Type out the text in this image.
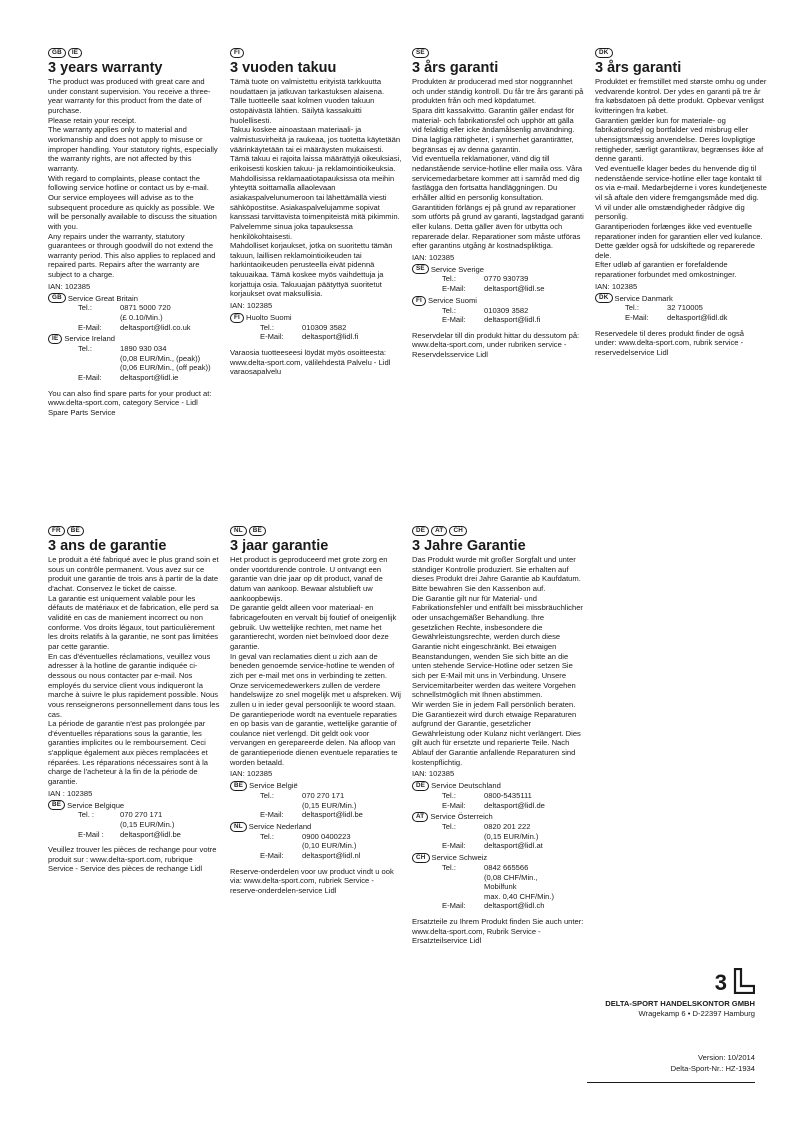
GB	IE
3 years warranty

The product was produced with great care and under constant supervision. You receive a three-year warranty for this product from the date of purchase.

Please retain your receipt.

The warranty applies only to material and workmanship and does not apply to misuse or improper handling. Your statutory rights, especially the warranty rights, are not affected by this warranty.

With regard to complaints, please contact the following service hotline or contact us by e-mail.

Our service employees will advise as to the subsequent procedure as quickly as possible. We will be personally available to discuss the situation with you.

Any repairs under the warranty, statutory guarantees or through goodwill do not extend the warranty period. This also applies to replaced and repaired parts. Repairs after the warranty are subject to a charge.

IAN: 102385
GB Service Great Britain
Tel.:	0871 5000 720
(£ 0.10/Min.)
E-Mail:	deltasport@lidl.co.uk
IE Service Ireland
Tel.:	1890 930 034
(0,08 EUR/Min., (peak))
(0,06 EUR/Min., (off peak))
E-Mail:	deltasport@lidl.ie
You can also find spare parts for your product at: www.delta-sport.com, category Service - Lidl Spare Parts Service
FI
3 vuoden takuu

Tämä tuote on valmistettu erityistä tarkkuutta noudattaen ja jatkuvan tarkastuksen alaisena. Tälle tuotteelle saat kolmen vuoden takuun ostopäivästä lähtien. Säilytä kassakuitti huolellisesti.

Takuu koskee ainoastaan materiaali- ja valmistusvirheitä ja raukeaa, jos tuotetta käytetään väärinkäytetään tai ei määräysten mukaisesti. Tämä takuu ei rajoita laissa määrättyjä oikeuksiasi, erikoisesti koskien takuu- ja reklamointioikeuksia.

Mahdollisissa reklamaatiotapauksissa ota meihin yhteyttä soittamalla allaolevaan asiakaspalvelunumeroon tai lähettämällä viesti sähköpostitse. Asiakaspalvelujamme sopivat kanssasi tarvittavista toimenpiteistä mitä pikimmin. Palvelemme sinua joka tapauksessa henkilökohtaisesti.

Mahdolliset korjaukset, jotka on suoritettu tämän takuun, laillisen reklamointioikeuden tai harkintaoikeuden perusteella eivät pidennä takuuaikaa. Tämä koskee myös vaihdettuja ja korjattuja osia. Takuuajan päätyttyä suoritetut korjaukset ovat maksullisia.

IAN: 102385
FI Huolto Suomi
Tel.:	010309 3582
E-Mail:	deltasport@lidl.fi
Varaosia tuotteeseesi löydät myös osoitteesta: www.delta-sport.com, välilehdestä Palvelu - Lidl varaosapalvelu
SE
3 års garanti

Produkten är producerad med stor noggrannhet och under ständig kontroll. Du får tre års garanti på produkten från och med köpdatumet.

Spara ditt kassakvitto. Garantin gäller endast för material- och fabrikationsfel och upphör att gälla vid felaktig eller icke ändamålsenlig användning. Dina lagliga rättigheter, i synnerhet garantirätter, begränsas ej av denna garantin.

Vid eventuella reklamationer, vänd dig till nedanstående service-hotline eller maila oss. Våra servicemedarbetare kommer att i samråd med dig fastlägga den fortsatta handläggningen. Du erhåller alltid en personlig konsultation.

Garantitiden förlängs ej på grund av reparationer som utförts på grund av garanti, lagstadgad garanti eller kulans. Detta gäller även för utbytta och reparerade delar. Reparationer som måste utföras efter garantins utgång är kostnadspliktiga.

IAN: 102385
SE Service Sverige
Tel.:	0770 930739
E-Mail:	deltasport@lidl.se
FI Service Suomi
Tel.:	010309 3582
E-Mail:	deltasport@lidl.fi
Reservdelar till din produkt hittar du dessutom på: www.delta-sport.com, under rubriken service - Reservdelsservice Lidl
DK
3 års garanti

Produktet er fremstillet med største omhu og under vedvarende kontrol. Der ydes en garanti på tre år fra købsdatoen på dette produkt. Opbevar venligst kvitteringen fra købet.

Garantien gælder kun for materiale- og fabrikationsfejl og bortfalder ved misbrug eller uhensigtsmæssig anvendelse. Deres lovpligtige rettigheder, særligt garantikrav, begrænses ikke af denne garanti.

Ved eventuelle klager bedes du henvende dig til nedenstående service-hotline eller tage kontakt til os via e-mail. Medarbejderne i vores kundetjeneste vil så aftale den videre fremgangsmåde med dig. Vi vil under alle omstændigheder rådgive dig personlig.

Garantiperioden forlænges ikke ved eventuelle reparationer inden for garantien eller ved kulance. Dette gælder også for udskiftede og reparerede dele.

Efter udløb af garantien er forefaldende reparationer forbundet med omkostninger.

IAN: 102385
DK Service Danmark
Tel.:	32 710005
E-Mail:	deltasport@lidl.dk
Reservedele til deres produkt finder de også under: www.delta-sport.com, rubrik service - reservedelservice Lidl
FR	BE
3 ans de garantie

Le produit a été fabriqué avec le plus grand soin et sous un contrôle permanent. Vous avez sur ce produit une garantie de trois ans à partir de la date d'achat. Conservez le ticket de caisse.

La garantie est uniquement valable pour les défauts de matériaux et de fabrication, elle perd sa validité en cas de maniement incorrect ou non conforme. Vos droits légaux, tout particulièrement les droits relatifs à la garantie, ne sont pas limitées par cette garantie.

En cas d'éventuelles réclamations, veuillez vous adresser à la hotline de garantie indiquée ci-dessous ou nous contacter par e-mail. Nos employés du service client vous indiqueront la marche à suivre le plus rapidement possible. Nous vous renseignerons personnellement dans tous les cas.

La période de garantie n'est pas prolongée par d'éventuelles réparations sous la garantie, les garanties implicites ou le remboursement. Ceci s'applique également aux pièces remplacées et réparées. Les réparations nécessaires sont à la charge de l'acheteur à la fin de la période de garantie.

IAN : 102385
BE Service Belgique
Tel. :	070 270 171
(0,15 EUR/Min.)
E-Mail :	deltasport@lidl.be
Veuillez trouver les pièces de rechange pour votre produit sur : www.delta-sport.com, rubrique Service - Service des pièces de rechange Lidl
NL	BE
3 jaar garantie

Het product is geproduceerd met grote zorg en onder voortdurende controle. U ontvangt een garantie van drie jaar op dit product, vanaf de datum van aankoop. Bewaar alstublieft uw aankoopbewijs.

De garantie geldt alleen voor materiaal- en fabricagefouten en vervalt bij foutief of oneigenlijk gebruik. Uw wettelijke rechten, met name het garantierecht, worden niet beïnvloed door deze garantie.

In geval van reclamaties dient u zich aan de beneden genoemde service-hotline te wenden of zich per e-mail met ons in verbinding te zetten. Onze servicemedewerkers zullen de verdere handelswijze zo snel mogelijk met u afspreken. Wij zullen u in ieder geval persoonlijk te woord staan.

De garantieperiode wordt na eventuele reparaties en op basis van de garantie, wettelijke garantie of coulance niet verlengd. Dit geldt ook voor vervangen en gerepareerde delen. Na afloop van de garantieperiode dienen eventuele reparaties te worden betaald.

IAN: 102385
BE Service België
Tel.:	070 270 171
(0,15 EUR/Min.)
E-Mail:	deltasport@lidl.be
NL Service Nederland
Tel.:	0900 0400223
(0,10 EUR/Min.)
E-Mail:	deltasport@lidl.nl
Reserve-onderdelen voor uw product vindt u ook via: www.delta-sport.com, rubriek Service - reserve-onderdelen-service Lidl
DE	AT	CH
3 Jahre Garantie

Das Produkt wurde mit großer Sorgfalt und unter ständiger Kontrolle produziert. Sie erhalten auf dieses Produkt drei Jahre Garantie ab Kaufdatum.

Bitte bewahren Sie den Kassenbon auf.

Die Garantie gilt nur für Material- und Fabrikationsfehler und entfällt bei missbräuchlicher oder unsachgemäßer Behandlung. Ihre gesetzlichen Rechte, insbesondere die Gewährleistungsrechte, werden durch diese Garantie nicht eingeschränkt. Bei etwaigen Beanstandungen, wenden Sie sich bitte an die unten stehende Service-Hotline oder setzen Sie sich per E-Mail mit uns in Verbindung. Unsere Servicemitarbeiter werden das weitere Vorgehen schnellstmöglich mit Ihnen abstimmen.

Wir werden Sie in jedem Fall persönlich beraten. Die Garantiezeit wird durch etwaige Reparaturen aufgrund der Garantie, gesetzlicher Gewährleistung oder Kulanz nicht verlängert. Dies gilt auch für ersetzte und reparierte Teile. Nach Ablauf der Garantie anfallende Reparaturen sind kostenpflichtig.

IAN: 102385
DE Service Deutschland
Tel.:	0800-5435111
E-Mail:	deltasport@lidl.de
AT Service Österreich
Tel.:	0820 201 222
(0,15 EUR/Min.)
E-Mail:	deltasport@lidl.at
CH Service Schweiz
Tel.:	0842 665566
(0,08 CHF/Min.,
Mobilfunk
max. 0,40 CHF/Min.)
E-Mail:	deltasport@lidl.ch
Ersatzteile zu Ihrem Produkt finden Sie auch unter: www.delta-sport.com, Rubrik Service - Ersatzteilservice Lidl
3
DELTA-SPORT HANDELSKONTOR GMBH
Wragekamp 6 • D-22397 Hamburg
Version: 10/2014
Delta-Sport-Nr.: HZ-1934
